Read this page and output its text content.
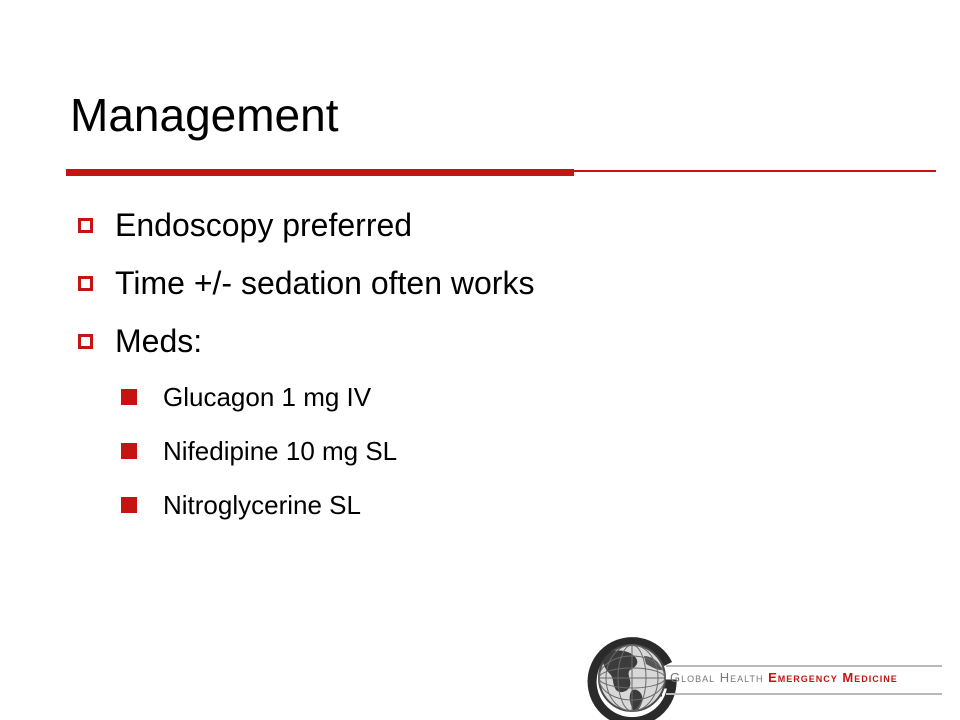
Management
Endoscopy preferred
Time +/- sedation often works
Meds:
Glucagon 1 mg IV
Nifedipine 10 mg SL
Nitroglycerine SL
Global Health Emergency Medicine
